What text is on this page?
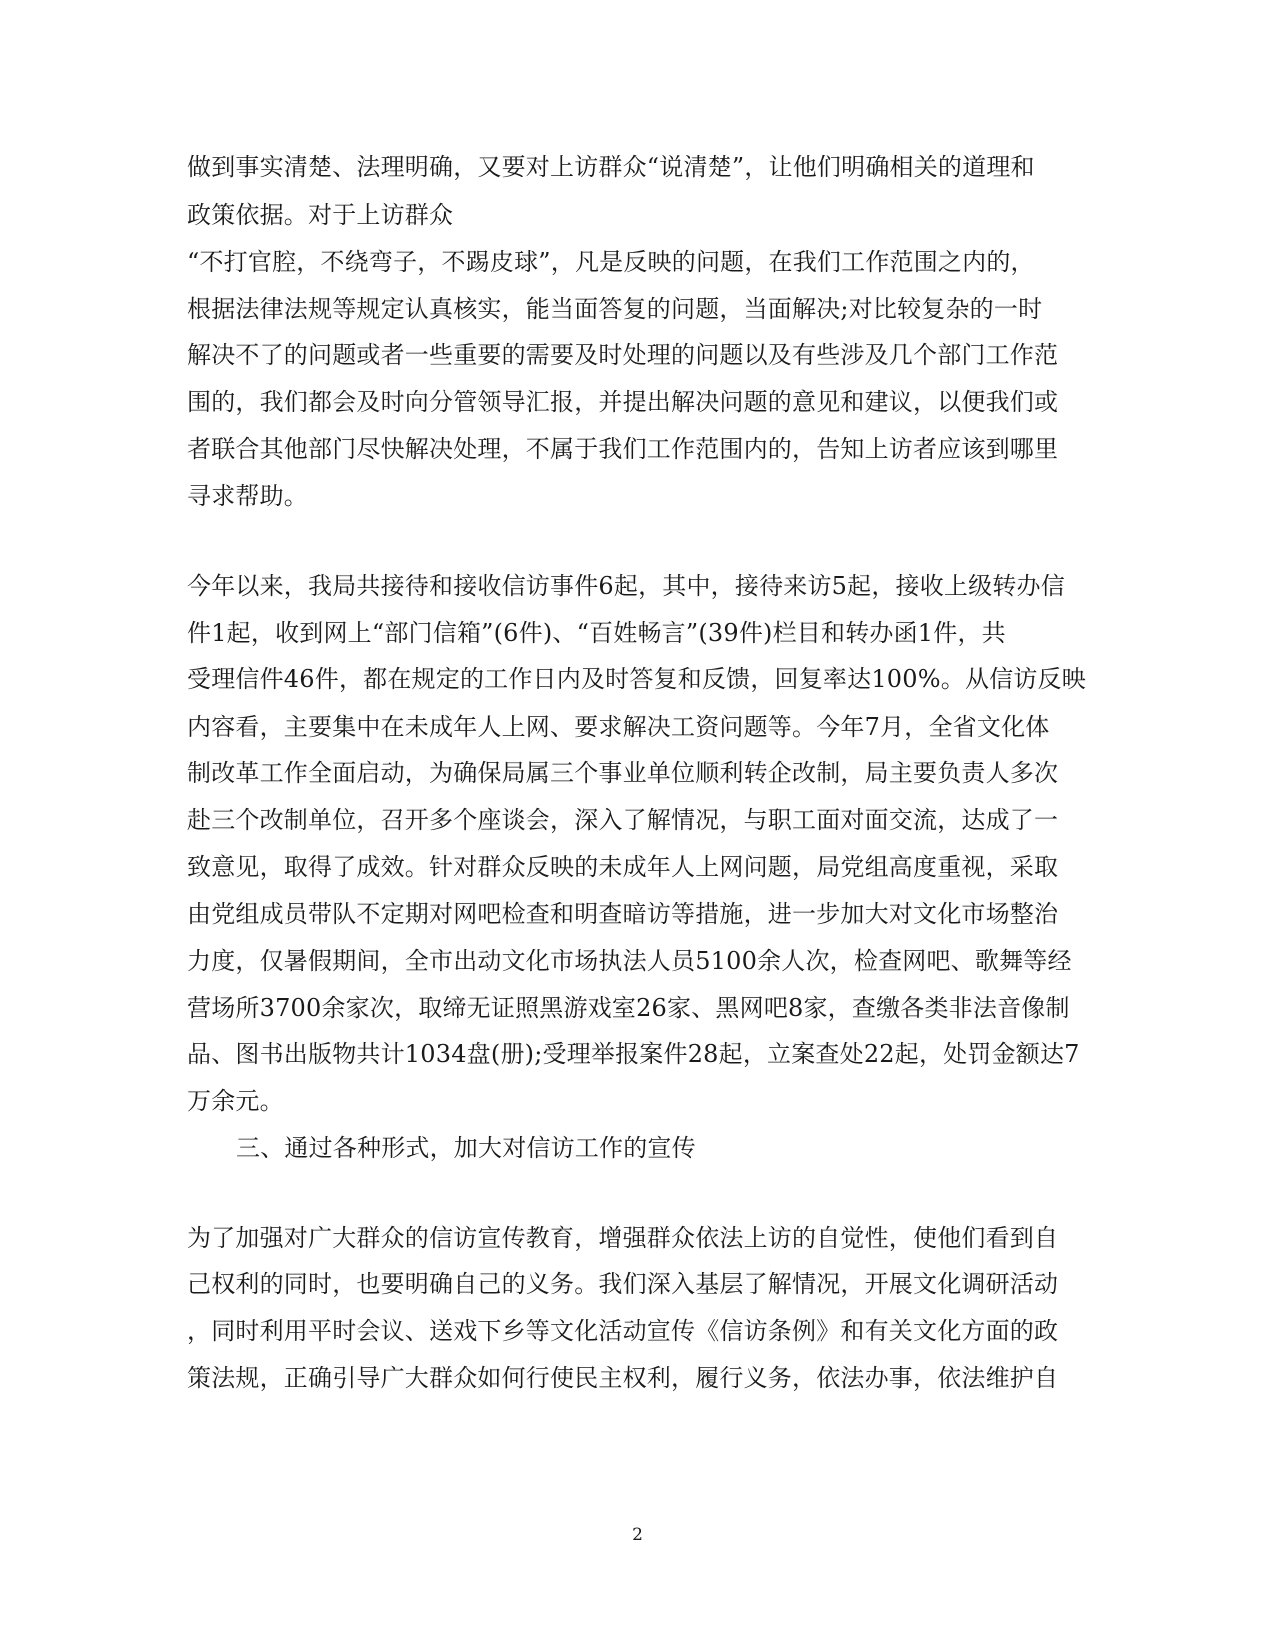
做到事实清楚、法理明确，又要对上访群众“说清楚”，让他们明确相关的道理和
政策依据。对于上访群众
“不打官腔，不绕弯子，不踢皮球”，凡是反映的问题，在我们工作范围之内的，
根据法律法规等规定认真核实，能当面答复的问题，当面解决;对比较复杂的一时
解决不了的问题或者一些重要的需要及时处理的问题以及有些涉及几个部门工作范
围的，我们都会及时向分管领导汇报，并提出解决问题的意见和建议，以便我们或
者联合其他部门尽快解决处理，不属于我们工作范围内的，告知上访者应该到哪里
寻求帮助。
今年以来，我局共接待和接收信访事件6起，其中，接待来访5起，接收上级转办信
件1起，收到网上“部门信箱”(6件)、“百姓畅言”(39件)栏目和转办函1件，共
受理信件46件，都在规定的工作日内及时答复和反馈，回复率达100%。从信访反映
内容看，主要集中在未成年人上网、要求解决工资问题等。今年7月，全省文化体
制改革工作全面启动，为确保局属三个事业单位顺利转企改制，局主要负责人多次
赴三个改制单位，召开多个座谈会，深入了解情况，与职工面对面交流，达成了一
致意见，取得了成效。针对群众反映的未成年人上网问题，局党组高度重视，采取
由党组成员带队不定期对网吧检查和明查暗访等措施，进一步加大对文化市场整治
力度，仅暑假期间，全市出动文化市场执法人员5100余人次，检查网吧、歌舞等经
营场所3700余家次，取缔无证照黑游戏室26家、黑网吧8家，查缴各类非法音像制
品、图书出版物共计1034盘(册);受理举报案件28起，立案查处22起，处罚金额达7
万余元。
三、通过各种形式，加大对信访工作的宣传
为了加强对广大群众的信访宣传教育，增强群众依法上访的自觉性，使他们看到自
己权利的同时，也要明确自己的义务。我们深入基层了解情况，开展文化调研活动
，同时利用平时会议、送戏下乡等文化活动宣传《信访条例》和有关文化方面的政
策法规，正确引导广大群众如何行使民主权利，履行义务，依法办事，依法维护自
2
